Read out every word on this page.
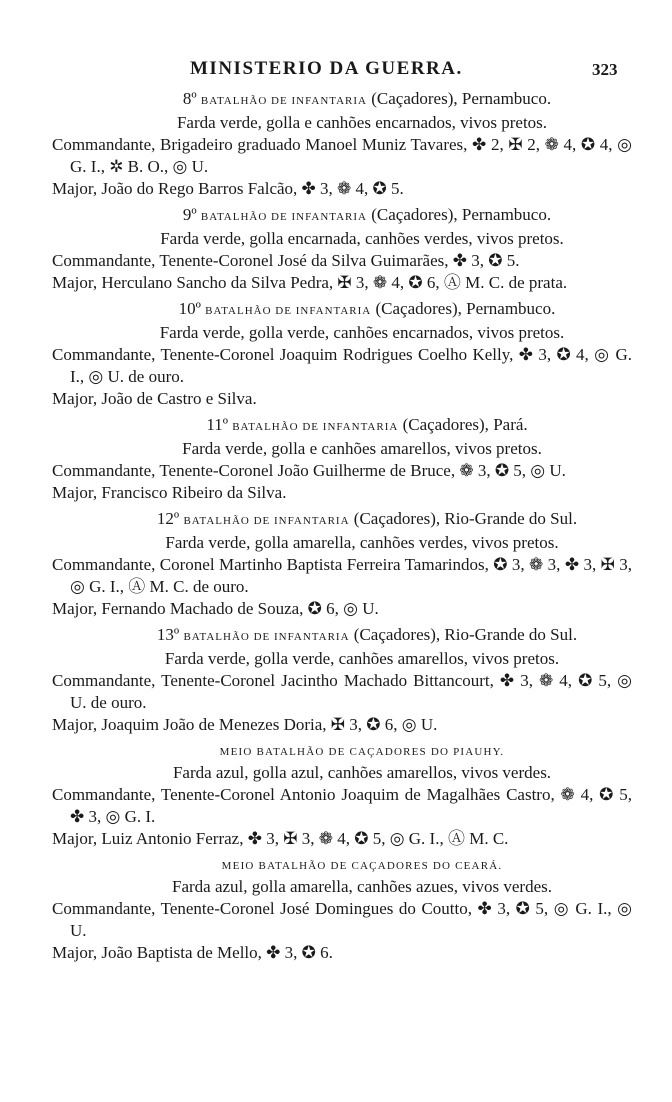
MINISTERIO DA GUERRA.	323
8º BATALHÃO DE INFANTARIA (Caçadores), Pernambuco.
Farda verde, golla e canhões encarnados, vivos pretos.
Commandante, Brigadeiro graduado Manoel Muniz Tavares, ✤ 2, ✠ 2, ❁ 4, ✪ 4, ◎ G. I., ✲ B. O., ◎ U.
Major, João do Rego Barros Falcão, ✤ 3, ❁ 4, ✪ 5.
9º BATALHÃO DE INFANTARIA (Caçadores), Pernambuco.
Farda verde, golla encarnada, canhões verdes, vivos pretos.
Commandante, Tenente-Coronel José da Silva Guimarães, ✤ 3, ✪ 5.
Major, Herculano Sancho da Silva Pedra, ✠ 3, ❁ 4, ✪ 6, Ⓐ M. C. de prata.
10º BATALHÃO DE INFANTARIA (Caçadores), Pernambuco.
Farda verde, golla verde, canhões encarnados, vivos pretos.
Commandante, Tenente-Coronel Joaquim Rodrigues Coelho Kelly, ✤ 3, ✪ 4, ◎ G. I., ◎ U. de ouro.
Major, João de Castro e Silva.
11º BATALHÃO DE INFANTARIA (Caçadores), Pará.
Farda verde, golla e canhões amarellos, vivos pretos.
Commandante, Tenente-Coronel João Guilherme de Bruce, ❁ 3, ✪ 5, ◎ U.
Major, Francisco Ribeiro da Silva.
12º BATALHÃO DE INFANTARIA (Caçadores), Rio-Grande do Sul.
Farda verde, golla amarella, canhões verdes, vivos pretos.
Commandante, Coronel Martinho Baptista Ferreira Tamarindos, ✪ 3, ❁ 3, ✤ 3, ✠ 3, ◎ G. I., Ⓐ M. C. de ouro.
Major, Fernando Machado de Souza, ✪ 6, ◎ U.
13º BATALHÃO DE INFANTARIA (Caçadores), Rio-Grande do Sul.
Farda verde, golla verde, canhões amarellos, vivos pretos.
Commandante, Tenente-Coronel Jacintho Machado Bittancourt, ✤ 3, ❁ 4, ✪ 5, ◎ U. de ouro.
Major, Joaquim João de Menezes Doria, ✠ 3, ✪ 6, ◎ U.
MEIO BATALHÃO DE CAÇADORES DO PIAUHY.
Farda azul, golla azul, canhões amarellos, vivos verdes.
Commandante, Tenente-Coronel Antonio Joaquim de Magalhães Castro, ❁ 4, ✪ 5, ✤ 3, ◎ G. I.
Major, Luiz Antonio Ferraz, ✤ 3, ✠ 3, ❁ 4, ✪ 5, ◎ G. I., Ⓐ M. C.
MEIO BATALHÃO DE CAÇADORES DO CEARÁ.
Farda azul, golla amarella, canhões azues, vivos verdes.
Commandante, Tenente-Coronel José Domingues do Coutto, ✤ 3, ✪ 5, ◎ G. I., ◎ U.
Major, João Baptista de Mello, ✤ 3, ✪ 6.
